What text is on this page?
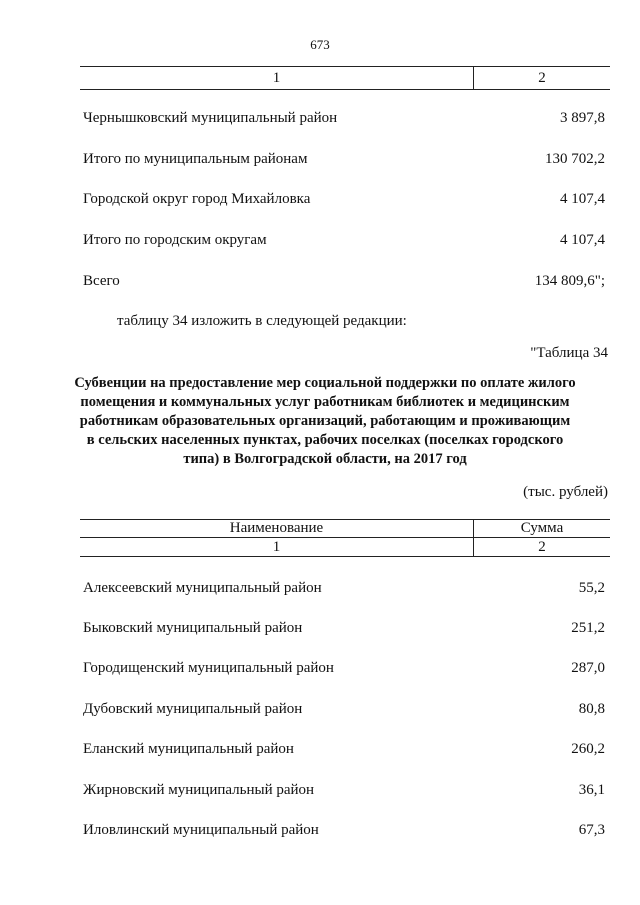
673
1	2
Чернышковский муниципальный район	3 897,8
Итого по муниципальным районам	130 702,2
Городской округ город Михайловка	4 107,4
Итого по городским округам	4 107,4
Всего	134 809,6";
таблицу 34 изложить в следующей редакции:
"Таблица 34
Субвенции на предоставление мер социальной поддержки по оплате жилого
помещения и коммунальных услуг работникам библиотек и медицинским
работникам образовательных организаций, работающим и проживающим
в сельских населенных пунктах, рабочих поселках (поселках городского
типа) в Волгоградской области, на 2017 год
(тыс. рублей)
Наименование	Сумма
1	2
Алексеевский муниципальный район	55,2
Быковский муниципальный район	251,2
Городищенский муниципальный район	287,0
Дубовский муниципальный район	80,8
Еланский муниципальный район	260,2
Жирновский муниципальный район	36,1
Иловлинский муниципальный район	67,3
